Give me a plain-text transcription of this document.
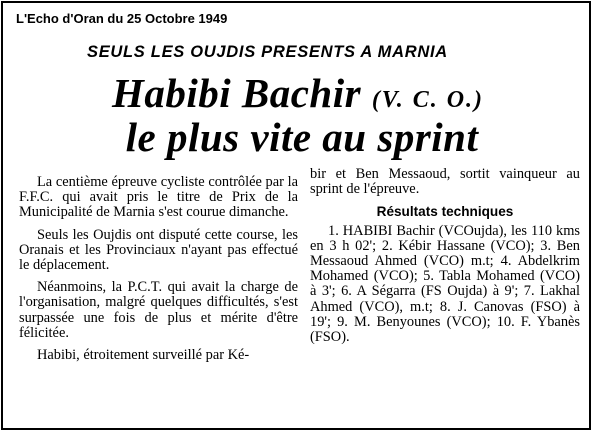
L'Echo d'Oran du 25 Octobre 1949
SEULS LES OUJDIS PRESENTS A MARNIA
Habibi Bachir (V. C. O.)
le plus vite au sprint

La centième épreuve cycliste contrôlée par la F.F.C. qui avait pris le titre de Prix de la Municipalité de Marnia s'est courue dimanche.

Seuls les Oujdis ont disputé cette course, les Oranais et les Provinciaux n'ayant pas effectué le déplacement.

Néanmoins, la P.C.T. qui avait la charge de l'organisation, malgré quelques difficultés, s'est surpassée une fois de plus et mérite d'être félicitée.

Habibi, étroitement surveillé par Ké-

bir et Ben Messaoud, sortit vainqueur au sprint de l'épreuve.

Résultats techniques

1. HABIBI Bachir (VCOujda), les 110 kms en 3 h 02'; 2. Kébir Hassane (VCO); 3. Ben Messaoud Ahmed (VCO) m.t; 4. Abdelkrim Mohamed (VCO); 5. Tabla Mohamed (VCO) à 3'; 6. A Ségarra (FS Oujda) à 9'; 7. Lakhal Ahmed (VCO), m.t; 8. J. Canovas (FSO) à 19'; 9. M. Benyounes (VCO); 10. F. Ybanès (FSO).
